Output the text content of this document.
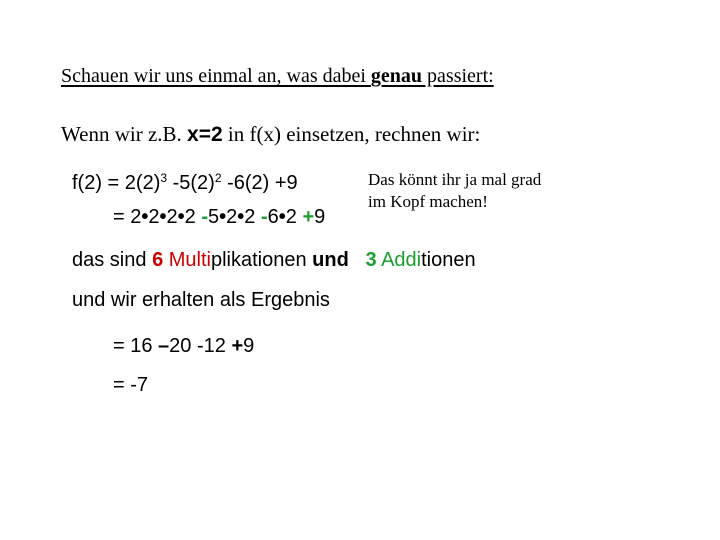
Schauen wir uns einmal an, was dabei genau passiert:
Wenn wir z.B. x=2 in f(x) einsetzen, rechnen wir:
$f(2) = 2(2)^3$ $-5(2)^2$ -6(2) +9
= 2•2•2•2 -5•2•2 -6•2 +9
Das könnt ihr ja mal grad
im Kopf machen!
das sind 6 Multiplikationen und 3 Additionen
und wir erhalten als Ergebnis
= 16 –20 -12 +9
= -7
